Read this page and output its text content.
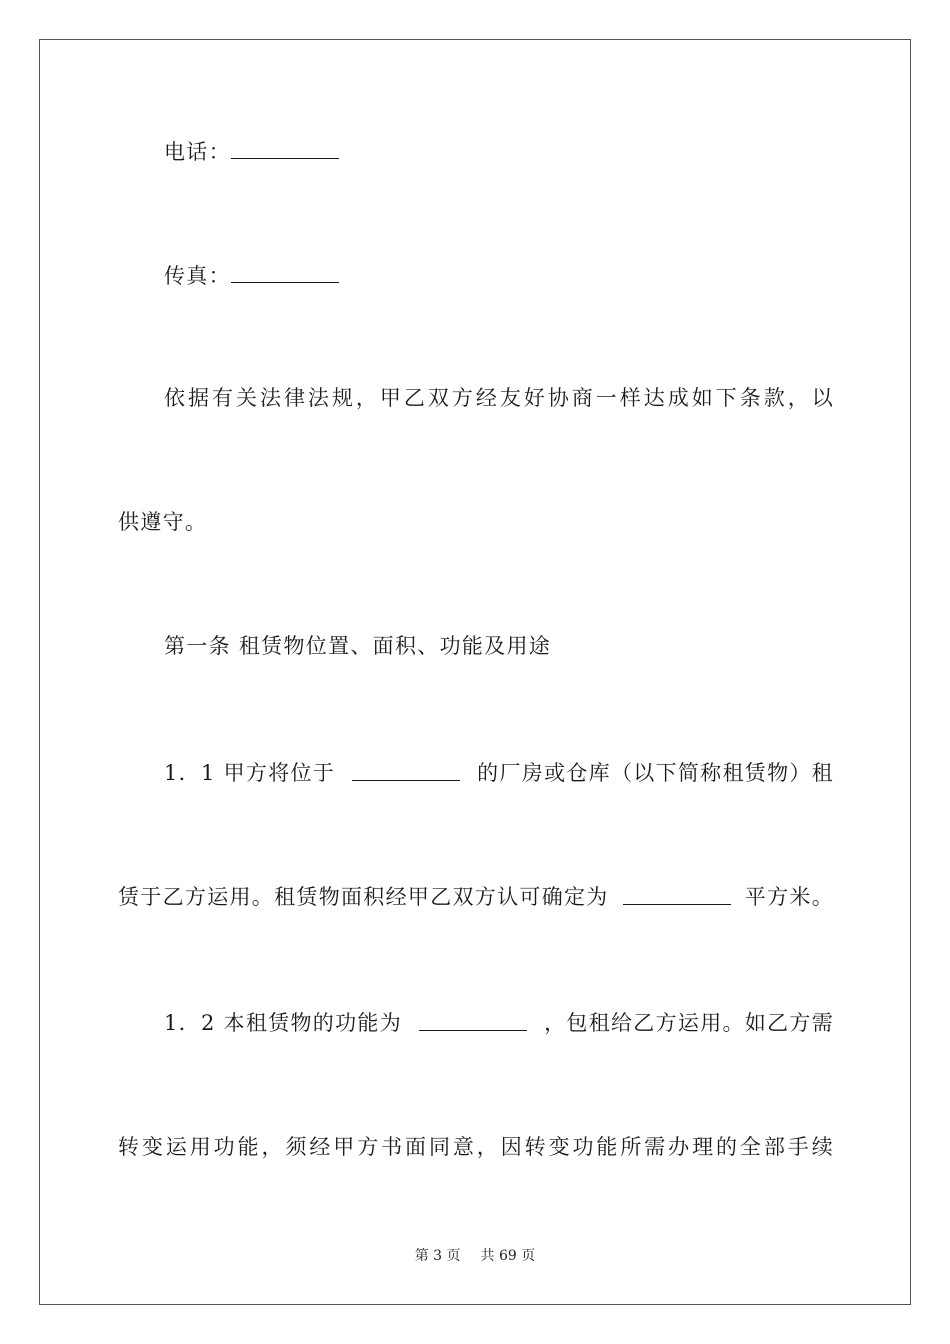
电话：
传真：
依据有关法律法规，甲乙双方经友好协商一样达成如下条款，以
供遵守。
第一条 租赁物位置、面积、功能及用途
1．1 甲方将位于	的厂房或仓库（以下简称租赁物）租
赁于乙方运用。租赁物面积经甲乙双方认可确定为	平方米。
1．2 本租赁物的功能为	，包租给乙方运用。如乙方需
转变运用功能，须经甲方书面同意，因转变功能所需办理的全部手续
第 3 页 共 69 页
